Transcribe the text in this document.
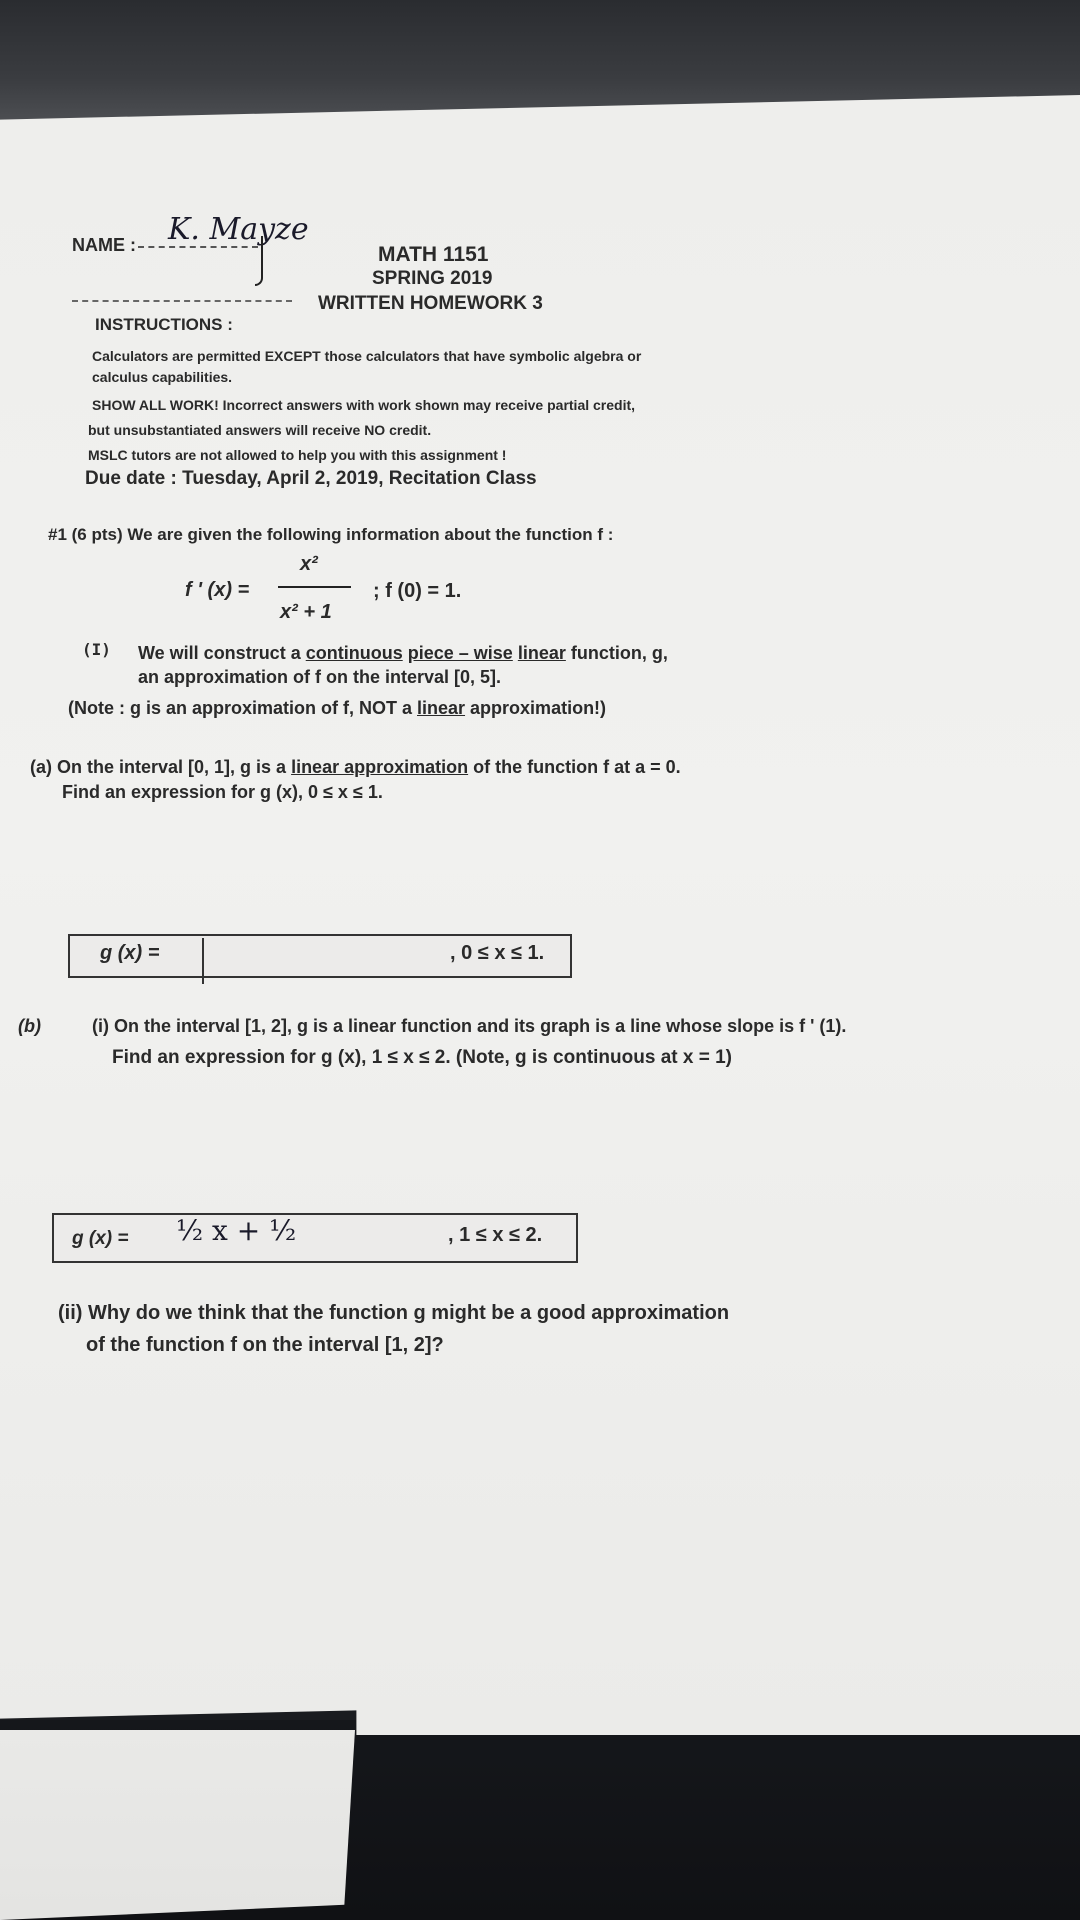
NAME : K. Mayze
MATH 1151
SPRING 2019
WRITTEN HOMEWORK 3
INSTRUCTIONS :
Calculators are permitted EXCEPT those calculators that have symbolic algebra or
calculus capabilities.
SHOW ALL WORK! Incorrect answers with work shown may receive partial credit,
but unsubstantiated answers will receive NO credit.
MSLC tutors are not allowed to help you with this assignment !
Due date : Tuesday, April 2, 2019, Recitation Class
#1 (6 pts) We are given the following information about the function f :
f ' (x) =
x²
x² + 1
; f (0) = 1.
(I) We will construct a continuous piece – wise linear function, g,
an approximation of f on the interval [0, 5].
(Note : g is an approximation of f, NOT a linear approximation!)
(a) On the interval [0, 1], g is a linear approximation of the function f at a = 0.
Find an expression for g (x), 0 ≤ x ≤ 1.
g (x) =	, 0 ≤ x ≤ 1.
(b)	(i) On the interval [1, 2], g is a linear function and its graph is a line whose slope is f ' (1).
Find an expression for g (x), 1 ≤ x ≤ 2. (Note, g is continuous at x = 1)
g (x) = ½ x + ½	, 1 ≤ x ≤ 2.
(ii) Why do we think that the function g might be a good approximation
of the function f on the interval [1, 2]?
